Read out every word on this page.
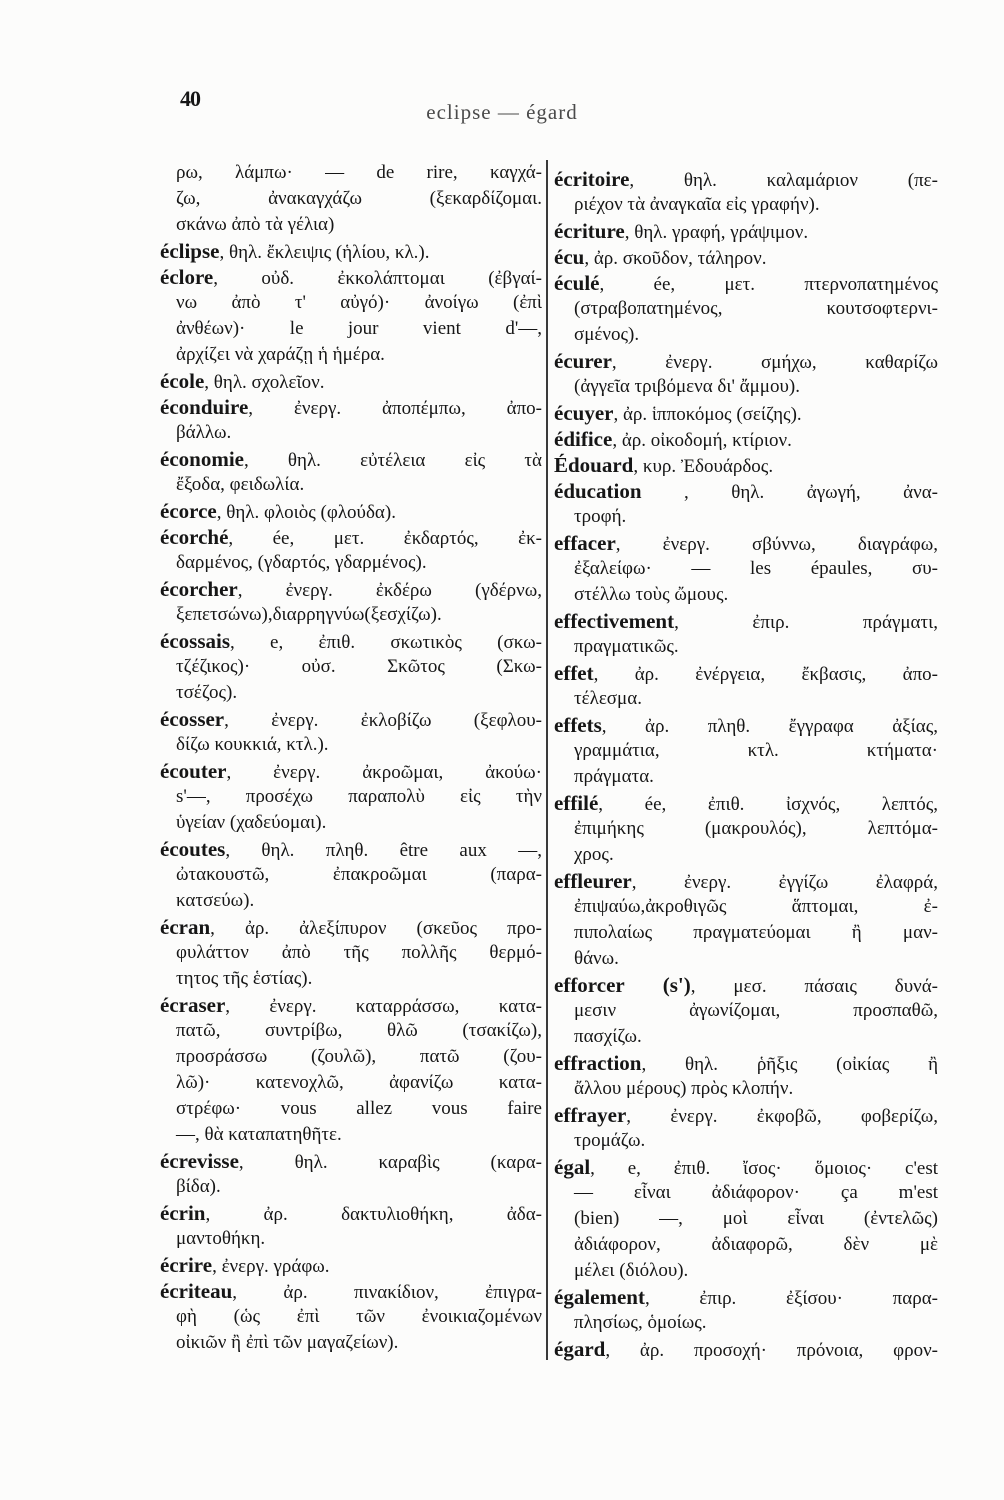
40
eclipse — égard
ρω, λάμπω· — de rire, καγχά-
ζω, ἀνακαγχάζω (ξεκαρδίζομαι.
σκάνω ἀπὸ τὰ γέλια)
éclipse, θηλ. ἔκλειψις (ἡλίου, κλ.).
éclore, οὐδ. ἐκκολάπτομαι (ἐβγαί-
νω ἀπὸ τ' αὐγό)· ἀνοίγω (ἐπὶ
ἀνθέων)· le jour vient d'—,
ἀρχίζει νὰ χαράζῃ ἡ ἡμέρα.
école, θηλ. σχολεῖον.
éconduire, ἐνεργ. ἀποπέμπω, ἀπο-
βάλλω.
économie, θηλ. εὐτέλεια εἰς τὰ
ἔξοδα, φειδωλία.
écorce, θηλ. φλοιὸς (φλούδα).
écorché, ée, μετ. ἐκδαρτός, ἐκ-
δαρμένος, (γδαρτός, γδαρμένος).
écorcher, ἐνεργ. ἐκδέρω (γδέρνω,
ξεπετσώνω),διαρρηγνύω(ξεσχίζω).
écossais, e, ἐπιθ. σκωτικὸς (σκω-
τζέζικος)· οὐσ. Σκῶτος (Σκω-
τσέζος).
écosser, ἐνεργ. ἐκλοβίζω (ξεφλου-
δίζω κουκκιά, κτλ.).
écouter, ἐνεργ. ἀκροῶμαι, ἀκούω·
s'—, προσέχω παραπολὺ εἰς τὴν
ὑγείαν (χαδεύομαι).
écoutes, θηλ. πληθ. être aux —,
ὠτακουστῶ, ἐπακροῶμαι (παρα-
κατσεύω).
écran, ἀρ. ἀλεξίπυρον (σκεῦος προ-
φυλάττον ἀπὸ τῆς πολλῆς θερμό-
τητος τῆς ἑστίας).
écraser, ἐνεργ. καταρράσσω, κατα-
πατῶ, συντρίβω, θλῶ (τσακίζω),
προσράσσω (ζουλῶ), πατῶ (ζου-
λῶ)· κατενοχλῶ, ἀφανίζω κατα-
στρέφω· vous allez vous faire
—, θὰ καταπατηθῆτε.
écrevisse, θηλ. καραβὶς (καρα-
βίδα).
écrin, ἀρ. δακτυλιοθήκη, ἀδα-
μαντοθήκη.
écrire, ἐνεργ. γράφω.
écriteau, ἀρ. πινακίδιον, ἐπιγρα-
φὴ (ὡς ἐπὶ τῶν ἐνοικιαζομένων
οἰκιῶν ἢ ἐπὶ τῶν μαγαζείων).
écritoire, θηλ. καλαμάριον (πε-
ριέχον τὰ ἀναγκαῖα εἰς γραφήν).
écriture, θηλ. γραφή, γράψιμον.
écu, ἀρ. σκοῦδον, τάληρον.
éculé, ée, μετ. πτερνοπατημένος
(στραβοπατημένος, κουτσοφτερνι-
σμένος).
écurer, ἐνεργ. σμήχω, καθαρίζω
(ἀγγεῖα τριβόμενα δι' ἄμμου).
écuyer, ἀρ. ἱπποκόμος (σείζης).
édifice, ἀρ. οἰκοδομή, κτίριον.
Édouard, κυρ. Ἐδουάρδος.
éducation , θηλ. ἀγωγή, ἀνα-
τροφή.
effacer, ἐνεργ. σβύννω, διαγράφω,
ἐξαλείφω· — les épaules, συ-
στέλλω τοὺς ὤμους.
effectivement, ἐπιρ. πράγματι,
πραγματικῶς.
effet, ἀρ. ἐνέργεια, ἔκβασις, ἀπο-
τέλεσμα.
effets, ἀρ. πληθ. ἔγγραφα ἀξίας,
γραμμάτια, κτλ. κτήματα·
πράγματα.
effilé, ée, ἐπιθ. ἰσχνός, λεπτός,
ἐπιμήκης (μακρουλός), λεπτόμα-
χρος.
effleurer, ἐνεργ. ἐγγίζω ἐλαφρά,
ἐπιψαύω,ἀκροθιγῶς ἅπτομαι, ἐ-
πιπολαίως πραγματεύομαι ἢ μαν-
θάνω.
efforcer (s'), μεσ. πάσαις δυνά-
μεσιν ἀγωνίζομαι, προσπαθῶ,
πασχίζω.
effraction, θηλ. ῥῆξις (οἰκίας ἢ
ἄλλου μέρους) πρὸς κλοπήν.
effrayer, ἐνεργ. ἐκφοβῶ, φοβερίζω,
τρομάζω.
égal, e, ἐπιθ. ἴσος· ὅμοιος· c'est
— εἶναι ἀδιάφορον· ça m'est
(bien) —, μοὶ εἶναι (ἐντελῶς)
ἀδιάφορον, ἀδιαφορῶ, δὲν μὲ
μέλει (διόλου).
également, ἐπιρ. ἐξίσου· παρα-
πλησίως, ὁμοίως.
égard, ἀρ. προσοχή· πρόνοια, φρον-
